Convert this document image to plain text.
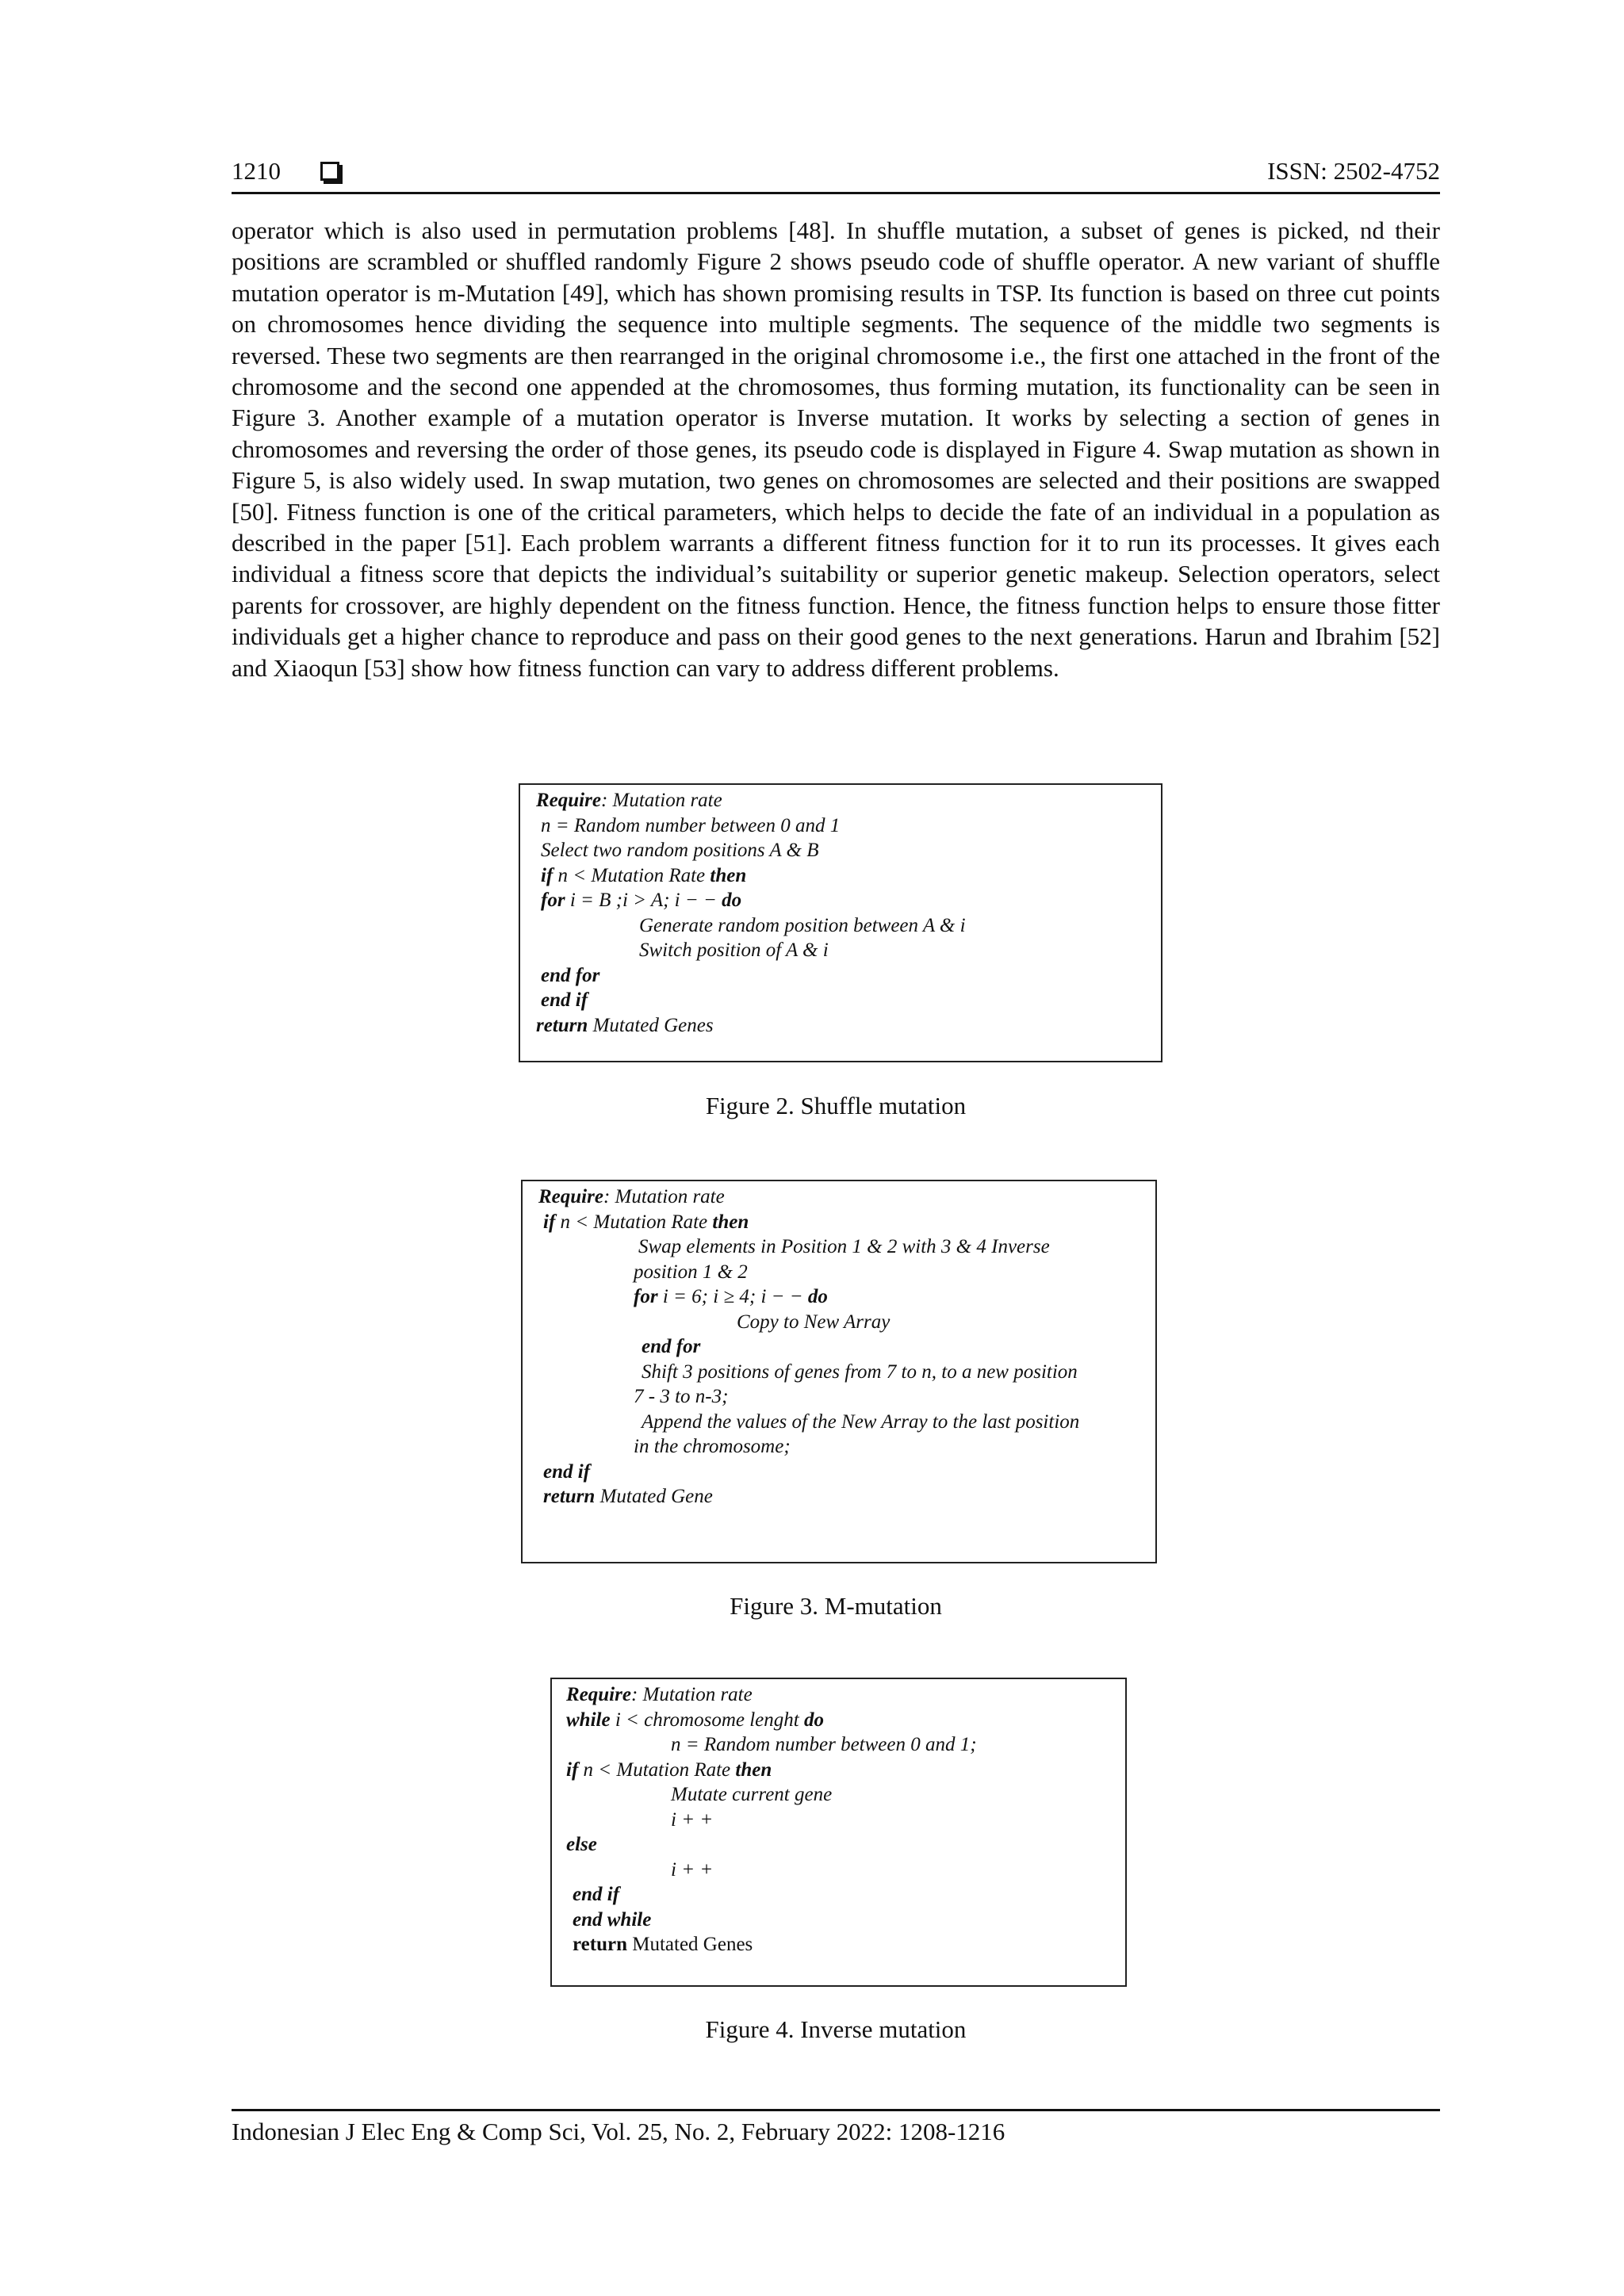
1210	ISSN: 2502-4752

operator which is also used in permutation problems [48]. In shuffle mutation, a subset of genes is picked, nd their positions are scrambled or shuffled randomly Figure 2 shows pseudo code of shuffle operator. A new variant of shuffle mutation operator is m-Mutation [49], which has shown promising results in TSP. Its function is based on three cut points on chromosomes hence dividing the sequence into multiple segments. The sequence of the middle two segments is reversed. These two segments are then rearranged in the original chromosome i.e., the first one attached in the front of the chromosome and the second one appended at the chromosomes, thus forming mutation, its functionality can be seen in Figure 3. Another example of a mutation operator is Inverse mutation. It works by selecting a section of genes in chromosomes and reversing the order of those genes, its pseudo code is displayed in Figure 4. Swap mutation as shown in Figure 5, is also widely used. In swap mutation, two genes on chromosomes are selected and their positions are swapped [50]. Fitness function is one of the critical parameters, which helps to decide the fate of an individual in a population as described in the paper [51]. Each problem warrants a different fitness function for it to run its processes. It gives each individual a fitness score that depicts the individual’s suitability or superior genetic makeup. Selection operators, select parents for crossover, are highly dependent on the fitness function. Hence, the fitness function helps to ensure those fitter individuals get a higher chance to reproduce and pass on their good genes to the next generations. Harun and Ibrahim [52] and Xiaoqun [53] show how fitness function can vary to address different problems.

Require: Mutation rate
n = Random number between 0 and 1
Select two random positions A & B
if n < Mutation Rate then
for i = B ;i > A; i − − do
Generate random position between A & i
Switch position of A & i
end for
end if
return Mutated Genes
Figure 2. Shuffle mutation
Require: Mutation rate
if n < Mutation Rate then
Swap elements in Position 1 & 2 with 3 & 4 Inverse
position 1 & 2
for i = 6; i ≥ 4; i − − do
Copy to New Array
end for
Shift 3 positions of genes from 7 to n, to a new position
7 - 3 to n-3;
Append the values of the New Array to the last position
in the chromosome;
end if
return Mutated Gene
Figure 3. M-mutation
Require: Mutation rate
while i < chromosome lenght do
n = Random number between 0 and 1;
if n < Mutation Rate then
Mutate current gene
i + +
else
i + +
end if
end while
return Mutated Genes
Figure 4. Inverse mutation
Indonesian J Elec Eng & Comp Sci, Vol. 25, No. 2, February 2022: 1208-1216
